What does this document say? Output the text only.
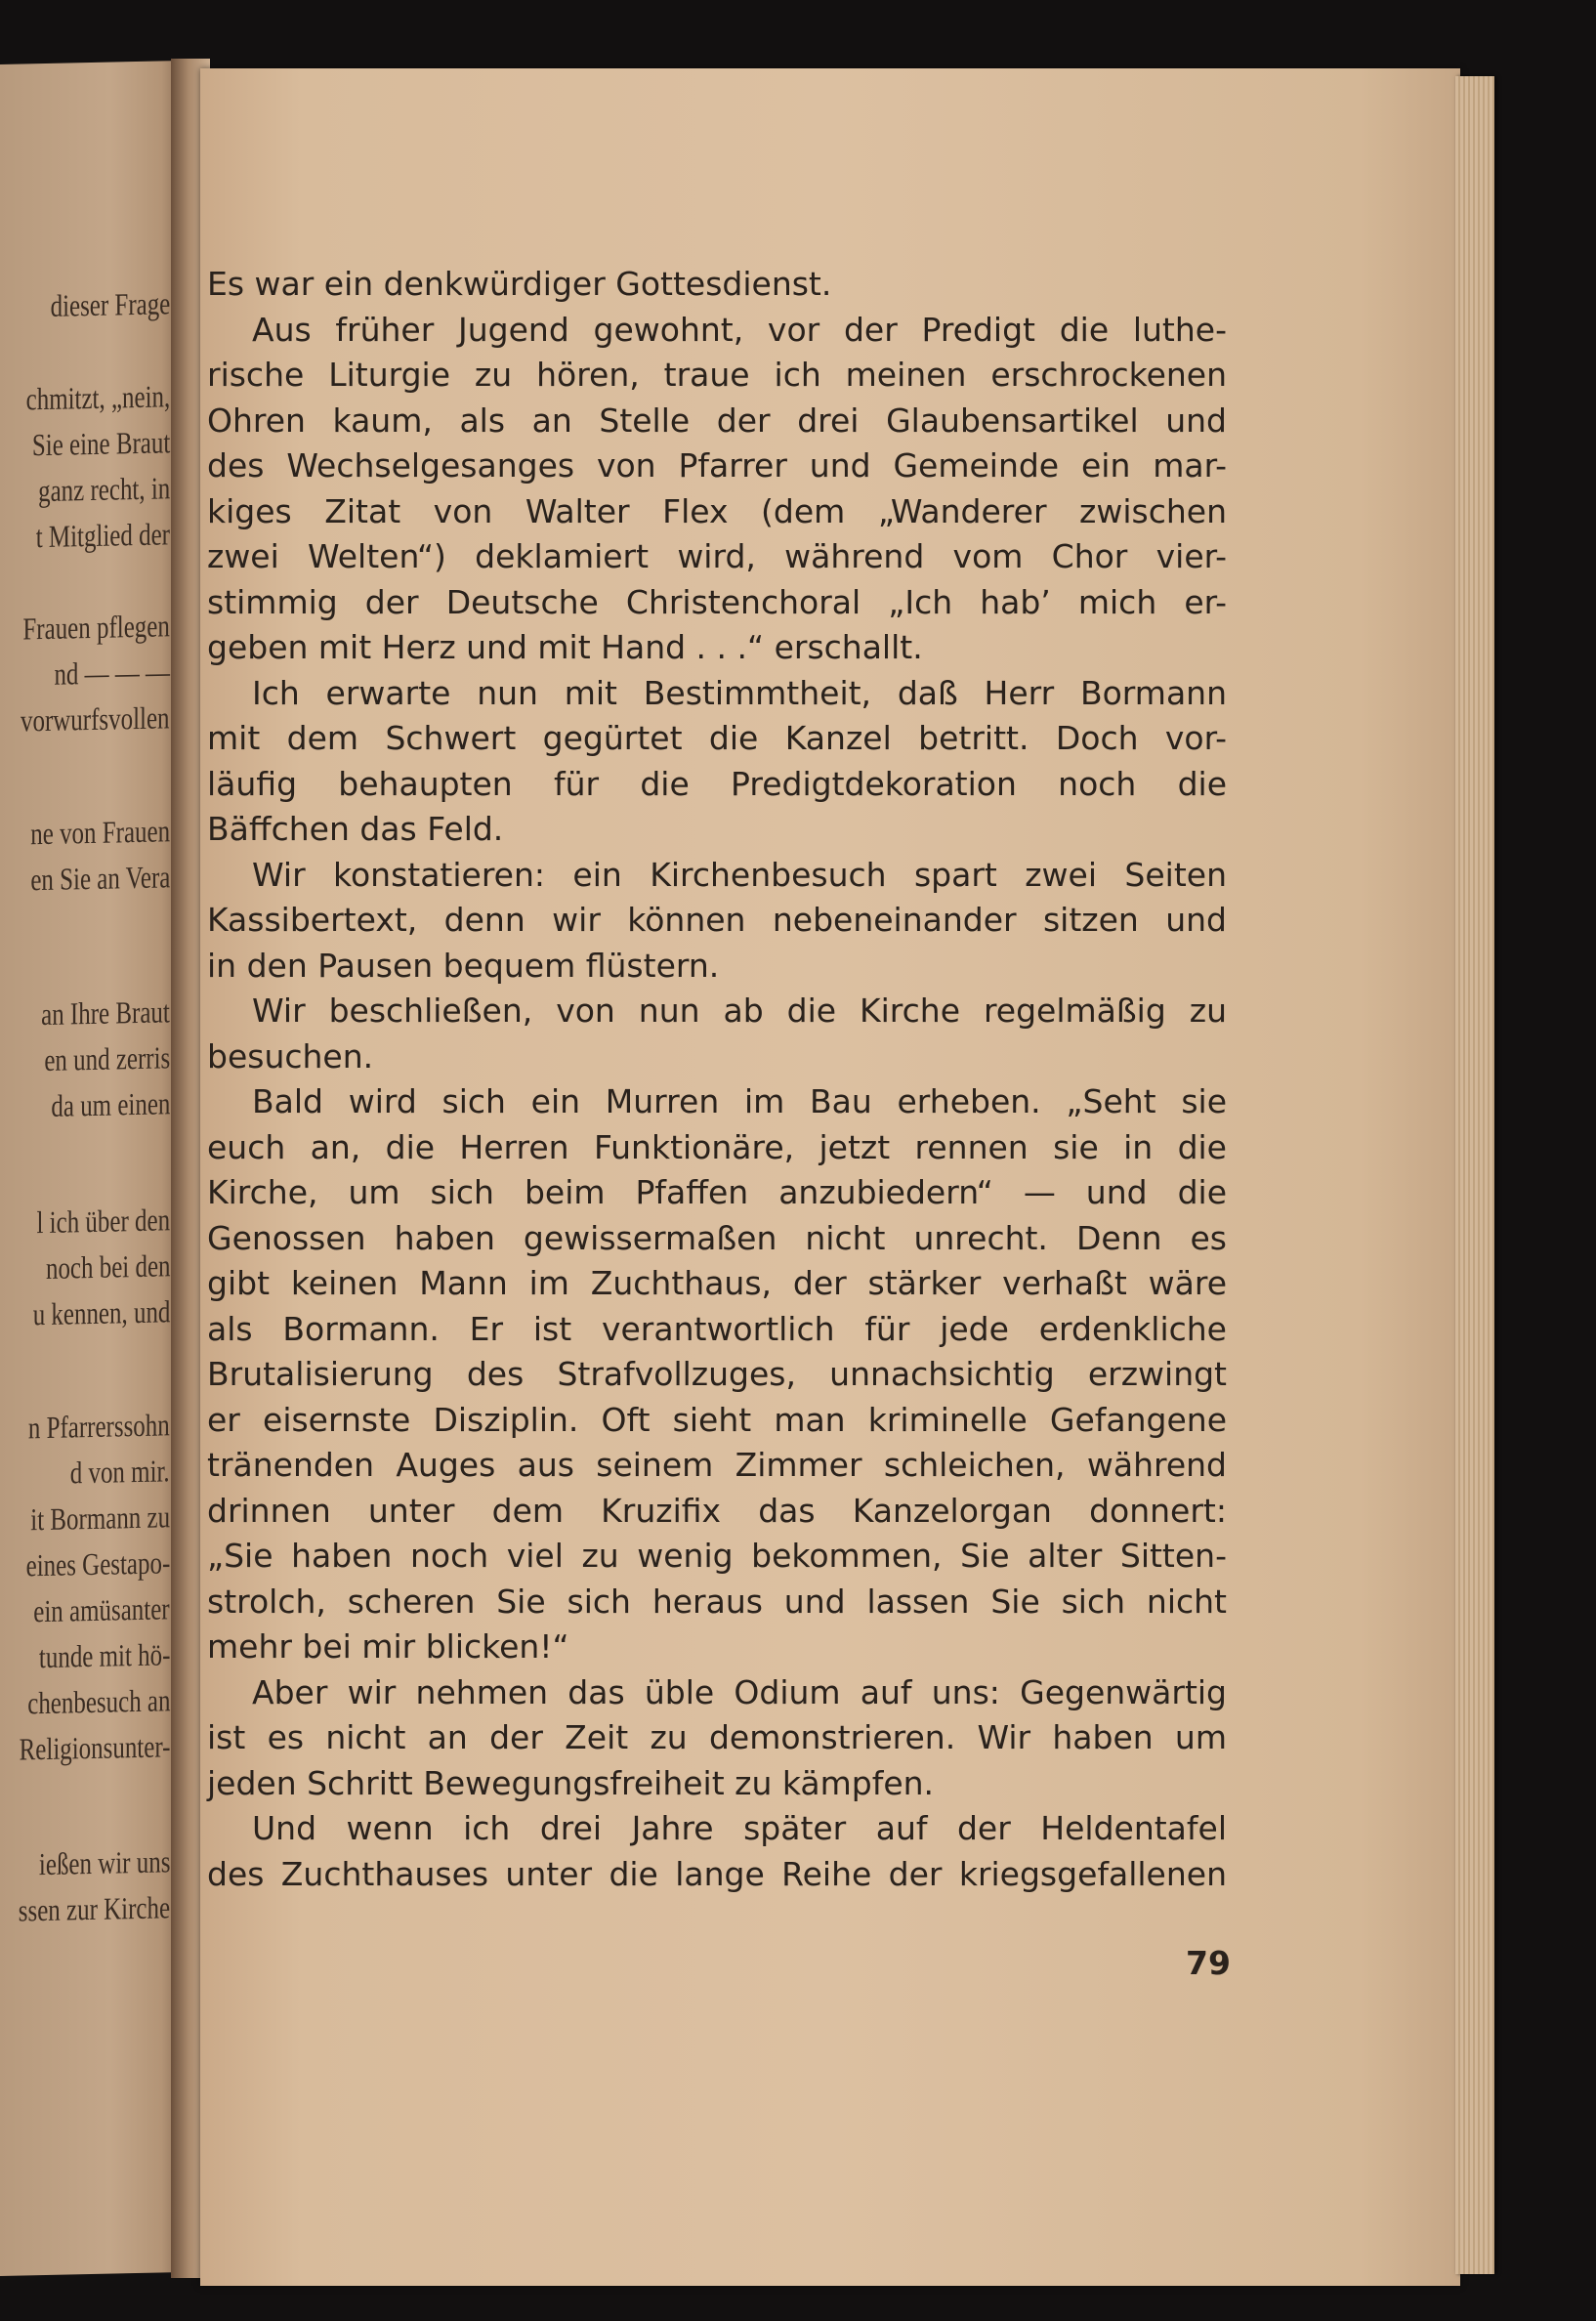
dieser Frage
chmitzt, „nein,
Sie eine Braut
ganz recht, in
t Mitglied der
Frauen pflegen
nd — — —
vorwurfsvollen
ne von Frauen
en Sie an Vera
an Ihre Braut
en und zerris
da um einen
l ich über den
noch bei den
u kennen, und
n Pfarrerssohn
d von mir.
it Bormann zu
eines Gestapo-
ein amüsanter
tunde mit hö-
chenbesuch an
Religionsunter-
ießen wir uns
ssen zur Kirche
Es war ein denkwürdiger Gottesdienst.
Aus früher Jugend gewohnt, vor der Predigt die luthe-
rische Liturgie zu hören, traue ich meinen erschrockenen
Ohren kaum, als an Stelle der drei Glaubensartikel und
des Wechselgesanges von Pfarrer und Gemeinde ein mar-
kiges Zitat von Walter Flex (dem „Wanderer zwischen
zwei Welten“) deklamiert wird, während vom Chor vier-
stimmig der Deutsche Christenchoral „Ich hab’ mich er-
geben mit Herz und mit Hand . . .“ erschallt.
Ich erwarte nun mit Bestimmtheit, daß Herr Bormann
mit dem Schwert gegürtet die Kanzel betritt. Doch vor-
läufig behaupten für die Predigtdekoration noch die
Bäffchen das Feld.
Wir konstatieren: ein Kirchenbesuch spart zwei Seiten
Kassibertext, denn wir können nebeneinander sitzen und
in den Pausen bequem flüstern.
Wir beschließen, von nun ab die Kirche regelmäßig zu
besuchen.
Bald wird sich ein Murren im Bau erheben. „Seht sie
euch an, die Herren Funktionäre, jetzt rennen sie in die
Kirche, um sich beim Pfaffen anzubiedern“ — und die
Genossen haben gewissermaßen nicht unrecht. Denn es
gibt keinen Mann im Zuchthaus, der stärker verhaßt wäre
als Bormann. Er ist verantwortlich für jede erdenkliche
Brutalisierung des Strafvollzuges, unnachsichtig erzwingt
er eisernste Disziplin. Oft sieht man kriminelle Gefangene
tränenden Auges aus seinem Zimmer schleichen, während
drinnen unter dem Kruzifix das Kanzelorgan donnert:
„Sie haben noch viel zu wenig bekommen, Sie alter Sitten-
strolch, scheren Sie sich heraus und lassen Sie sich nicht
mehr bei mir blicken!“
Aber wir nehmen das üble Odium auf uns: Gegenwärtig
ist es nicht an der Zeit zu demonstrieren. Wir haben um
jeden Schritt Bewegungsfreiheit zu kämpfen.
Und wenn ich drei Jahre später auf der Heldentafel
des Zuchthauses unter die lange Reihe der kriegsgefallenen
79
